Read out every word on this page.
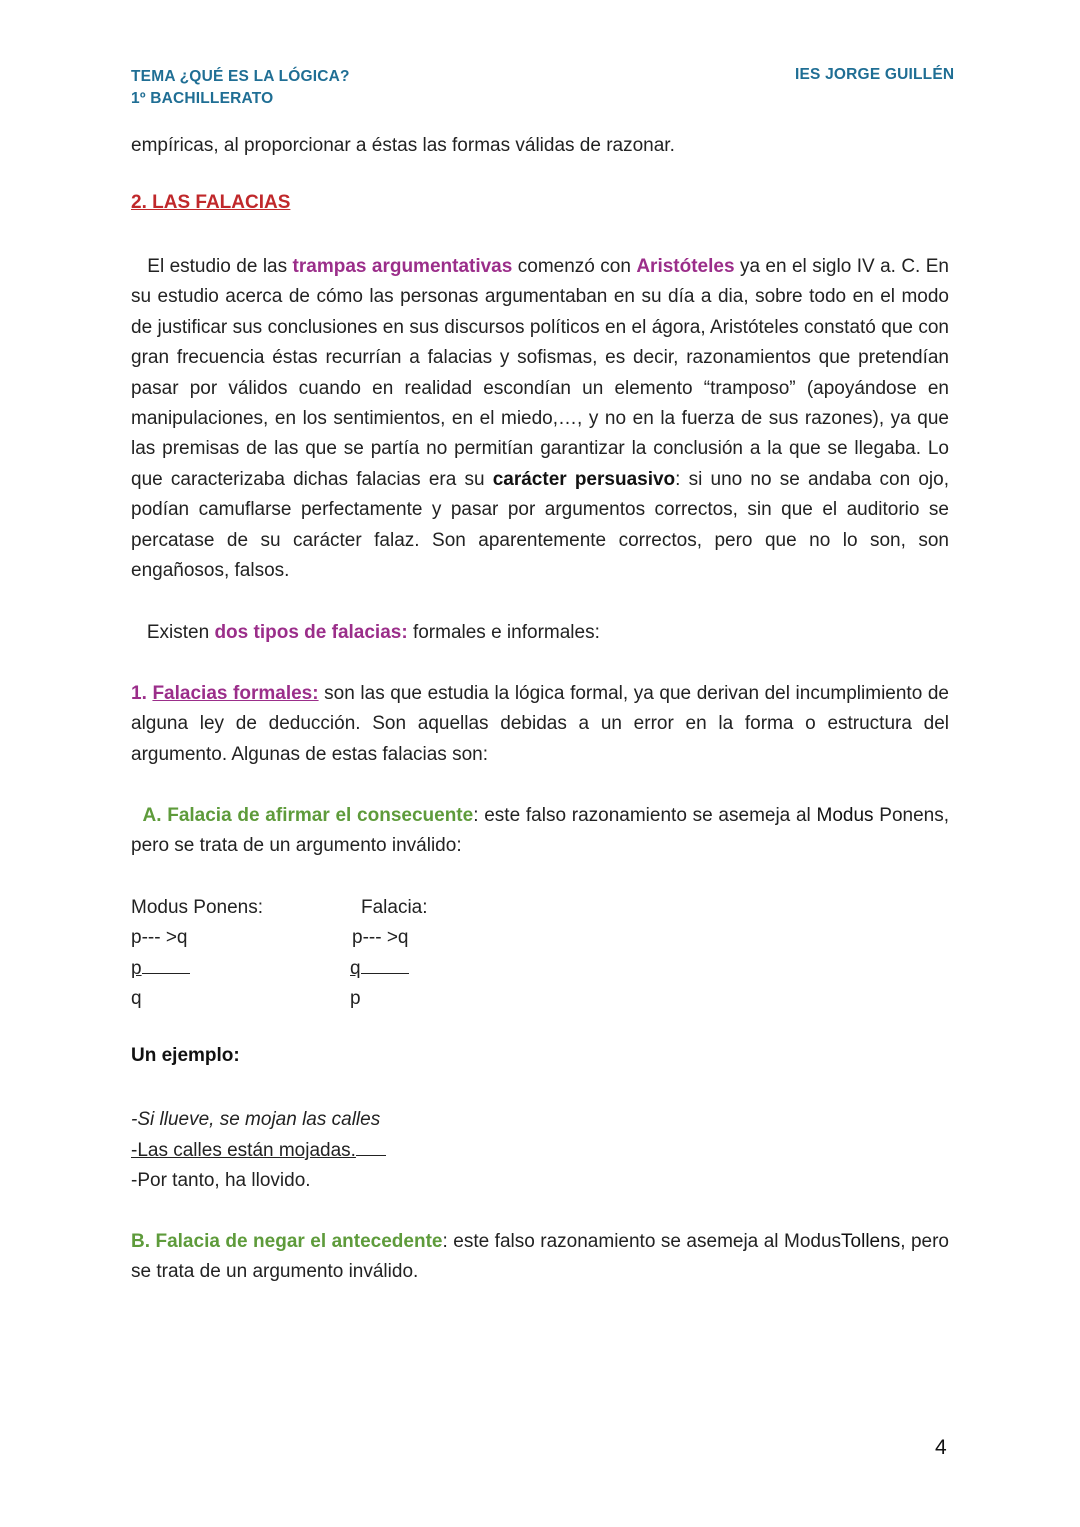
TEMA ¿QUÉ ES LA LÓGICA?
1º BACHILLERATO
IES JORGE GUILLÉN
empíricas, al proporcionar a éstas las formas válidas de razonar.
2. LAS FALACIAS
El estudio de las trampas argumentativas comenzó con Aristóteles ya en el siglo IV a. C. En su estudio acerca de cómo las personas argumentaban en su día a dia, sobre todo en el modo de justificar sus conclusiones en sus discursos políticos en el ágora, Aristóteles constató que con gran frecuencia éstas recurrían a falacias y sofismas, es decir, razonamientos que pretendían pasar por válidos cuando en realidad escondían un elemento “tramposo” (apoyándose en manipulaciones, en los sentimientos, en el miedo,…, y no en la fuerza de sus razones), ya que las premisas de las que se partía no permitían garantizar la conclusión a la que se llegaba. Lo que caracterizaba dichas falacias era su carácter persuasivo: si uno no se andaba con ojo, podían camuflarse perfectamente y pasar por argumentos correctos, sin que el auditorio se percatase de su carácter falaz. Son aparentemente correctos, pero que no lo son, son engañosos, falsos.
Existen dos tipos de falacias: formales e informales:
1. Falacias formales: son las que estudia la lógica formal, ya que derivan del incumplimiento de alguna ley de deducción. Son aquellas debidas a un error en la forma o estructura del argumento. Algunas de estas falacias son:
A. Falacia de afirmar el consecuente: este falso razonamiento se asemeja al Modus Ponens, pero se trata de un argumento inválido:
Modus Ponens:
p--- >q
p
q
Falacia:
p--- >q
q
p
Un ejemplo:
-Si llueve, se mojan las calles
-Las calles están mojadas.
-Por tanto, ha llovido.
B. Falacia de negar el antecedente: este falso razonamiento se asemeja al ModusTollens, pero se trata de un argumento inválido.
4
